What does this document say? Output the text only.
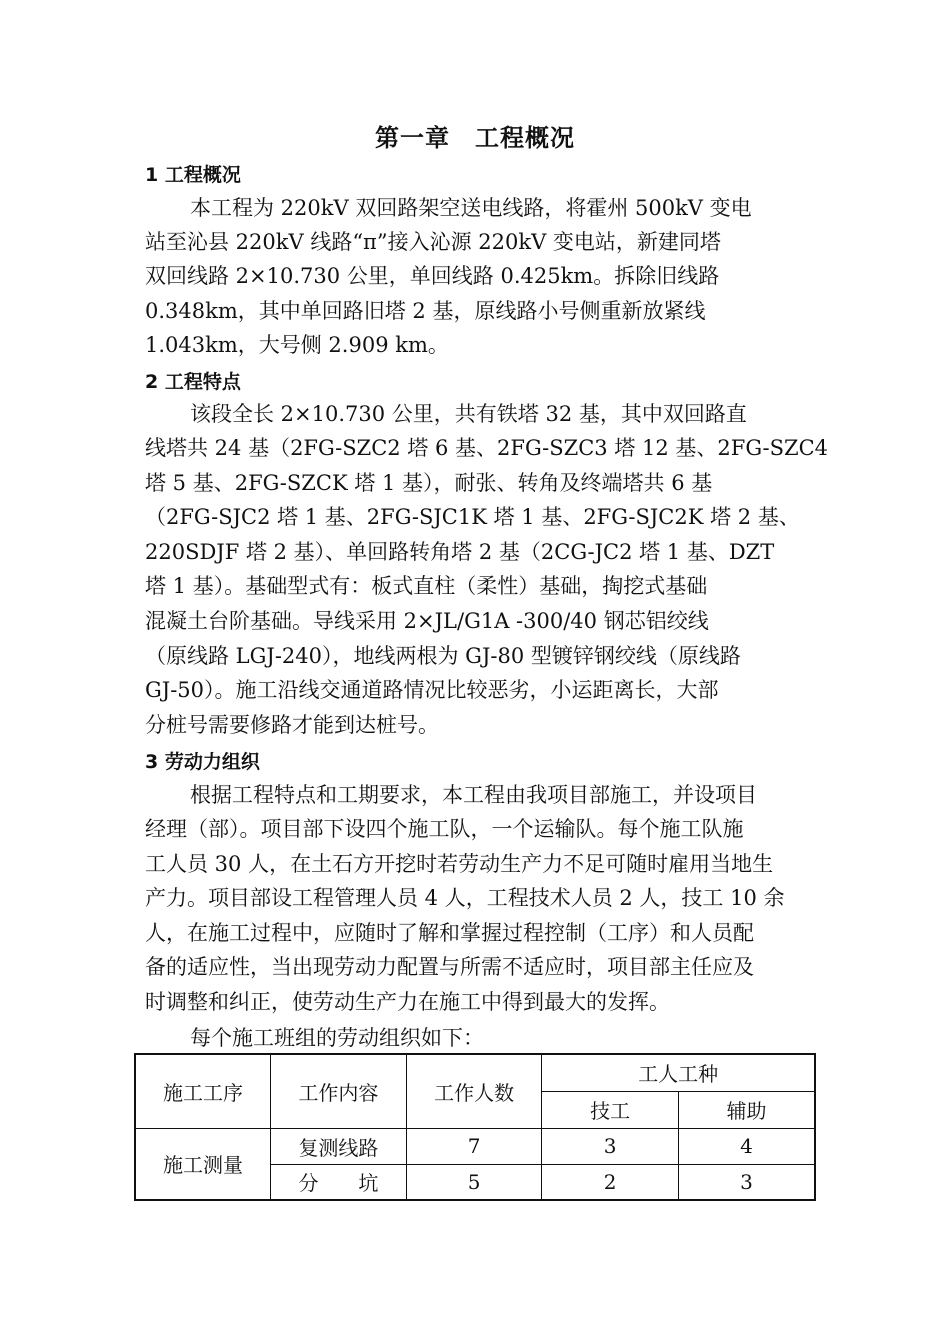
第一章　工程概况
1 工程概况
本工程为 220kV 双回路架空送电线路，将霍州 500kV 变电
站至沁县 220kV 线路“π”接入沁源 220kV 变电站，新建同塔
双回线路 2×10.730 公里，单回线路 0.425km。拆除旧线路
0.348km，其中单回路旧塔 2 基，原线路小号侧重新放紧线
1.043km，大号侧 2.909 km。
2 工程特点
该段全长 2×10.730 公里，共有铁塔 32 基，其中双回路直
线塔共 24 基（2FG-SZC2 塔 6 基、2FG-SZC3 塔 12 基、2FG-SZC4
塔 5 基、2FG-SZCK 塔 1 基），耐张、转角及终端塔共 6 基
（2FG-SJC2 塔 1 基、2FG-SJC1K 塔 1 基、2FG-SJC2K 塔 2 基、
220SDJF 塔 2 基）、单回路转角塔 2 基（2CG-JC2 塔 1 基、DZT
塔 1 基）。基础型式有：板式直柱（柔性）基础，掏挖式基础
混凝土台阶基础。导线采用 2×JL/G1A -300/40 钢芯铝绞线
（原线路 LGJ-240），地线两根为 GJ-80 型镀锌钢绞线（原线路
GJ-50）。施工沿线交通道路情况比较恶劣，小运距离长，大部
分桩号需要修路才能到达桩号。
3 劳动力组织
根据工程特点和工期要求，本工程由我项目部施工，并设项目
经理（部）。项目部下设四个施工队，一个运输队。每个施工队施
工人员 30 人，在土石方开挖时若劳动生产力不足可随时雇用当地生
产力。项目部设工程管理人员 4 人，工程技术人员 2 人，技工 10 余
人，在施工过程中，应随时了解和掌握过程控制（工序）和人员配
备的适应性，当出现劳动力配置与所需不适应时，项目部主任应及
时调整和纠正，使劳动生产力在施工中得到最大的发挥。
每个施工班组的劳动组织如下：
施工工序	工作内容	工作人数	工人工种	
			技工	辅助
施工测量	复测线路	7	3	4
	分　　坑	5	2	3
